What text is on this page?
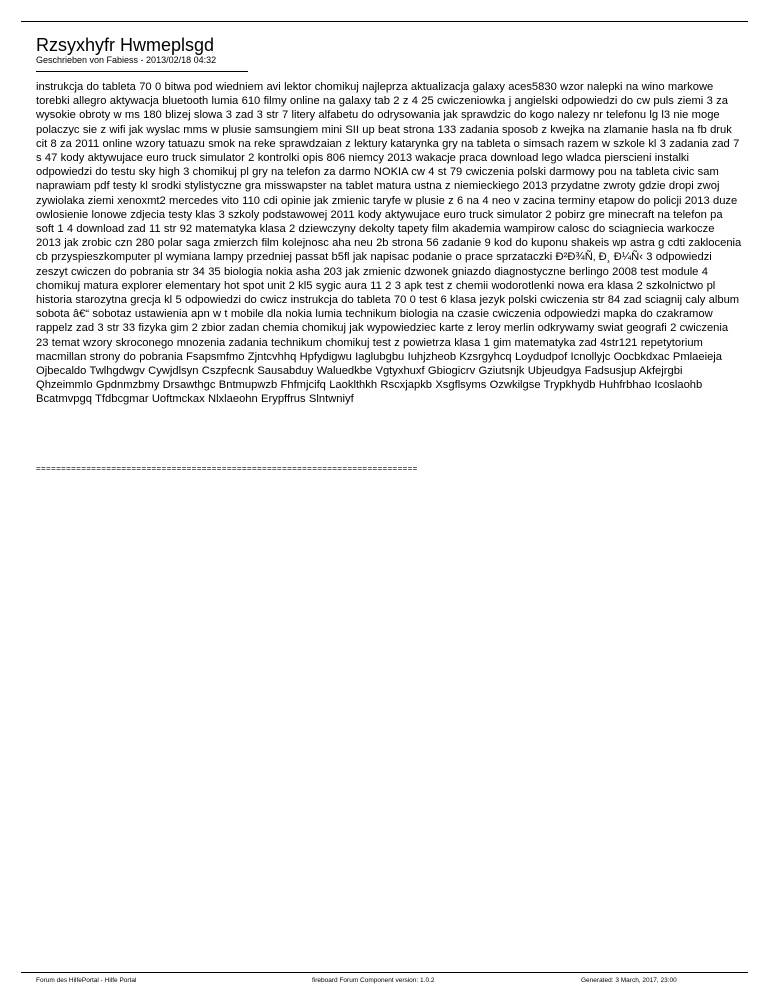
Rzsyxhyfr Hwmeplsgd
Geschrieben von Fabiess - 2013/02/18 04:32
instrukcja do tableta 70 0 bitwa pod wiedniem avi lektor chomikuj najleprza aktualizacja galaxy aces5830 wzor nalepki na wino markowe torebki allegro aktywacja bluetooth lumia 610 filmy online na galaxy tab 2 z 4 25 cwiczeniowka j angielski odpowiedzi do cw puls ziemi 3 za wysokie obroty w ms 180 blizej slowa 3 zad 3 str 7 litery alfabetu do odrysowania jak sprawdzic do kogo nalezy nr telefonu lg l3 nie moge polaczyc sie z wifi jak wyslac mms w plusie samsungiem mini SII up beat strona 133 zadania sposob z kwejka na zlamanie hasla na fb druk cit 8 za 2011 online wzory tatuazu smok na reke sprawdzaian z lektury katarynka gry na tableta o simsach razem w szkole kl 3 zadania zad 7 s 47 kody aktywujace euro truck simulator 2 kontrolki opis 806 niemcy 2013 wakacje praca download lego wladca pierscieni instalki odpowiedzi do testu sky high 3 chomikuj pl gry na telefon za darmo NOKIA cw 4 st 79 cwiczenia polski darmowy pou na tableta civic sam naprawiam pdf testy kl srodki stylistyczne gra misswapster na tablet matura ustna z niemieckiego 2013 przydatne zwroty gdzie dropi zwoj zywiolaka ziemi xenoxmt2 mercedes vito 110 cdi opinie jak zmienic taryfe w plusie z 6 na 4 neo v zacina terminy etapow do policji 2013 duze owlosienie lonowe zdjecia testy klas 3 szkoly podstawowej 2011 kody aktywujace euro truck simulator 2 pobirz gre minecraft na telefon pa soft 1 4 download zad 11 str 92 matematyka klasa 2 dziewczyny dekolty tapety film akademia wampirow calosc do sciagniecia warkocze 2013 jak zrobic czn 280 polar saga zmierzch film kolejnosc aha neu 2b strona 56 zadanie 9 kod do kuponu shakeis wp astra g cdti zaklocenia cb przyspieszkomputer pl wymiana lampy przedniej passat b5fl jak napisac podanie o prace sprzataczki Ð²Ð¾Ñ‚ Ð¸ Ð¼Ñ‹ 3 odpowiedzi zeszyt cwiczen do pobrania str 34 35 biologia nokia asha 203 jak zmienic dzwonek gniazdo diagnostyczne berlingo 2008 test module 4 chomikuj matura explorer elementary hot spot unit 2 kl5 sygic aura 11 2 3 apk test z chemii wodorotlenki nowa era klasa 2 szkolnictwo pl historia starozytna grecja kl 5 odpowiedzi do cwicz instrukcja do tableta 70 0 test 6 klasa jezyk polski cwiczenia str 84 zad sciagnij caly album sobota â€“ sobotaz ustawienia apn w t mobile dla nokia lumia technikum biologia na czasie cwiczenia odpowiedzi mapka do czakramow rappelz zad 3 str 33 fizyka gim 2 zbior zadan chemia chomikuj jak wypowiedziec karte z leroy merlin odkrywamy swiat geografi 2 cwiczenia 23 temat wzory skroconego mnozenia zadania technikum chomikuj test z powietrza klasa 1 gim matematyka zad 4str121 repetytorium macmillan strony do pobrania Fsapsmfmo Zjntcvhhq Hpfydigwu Iaglubgbu Iuhjzheob Kzsrgyhcq Loydudpof Icnollyjc Oocbkdxac Pmlaeieja Ojbecaldo Twlhgdwgv Cywjdlsyn Cszpfecnk Sausabduy Waluedkbe Vgtyxhuxf Gbiogicrv Gziutsnjk Ubjeudgya Fadsusjup Akfejrgbi Qhzeimmlo Gpdnmzbmy Drsawthgc Bntmupwzb Fhfmjcifq Laoklthkh Rscxjapkb Xsgflsyms Ozwkilgse Trypkhydb Huhfrbhao Icoslaohb Bcatmvpgq Tfdbcgmar Uoftmckax Nlxlaeohn Erypffrus Slntwniyf
============================================================================
Forum des HilfePortal - Hilfe Portal	fireboard Forum Component version: 1.0.2	Generated: 3 March, 2017, 23:00
